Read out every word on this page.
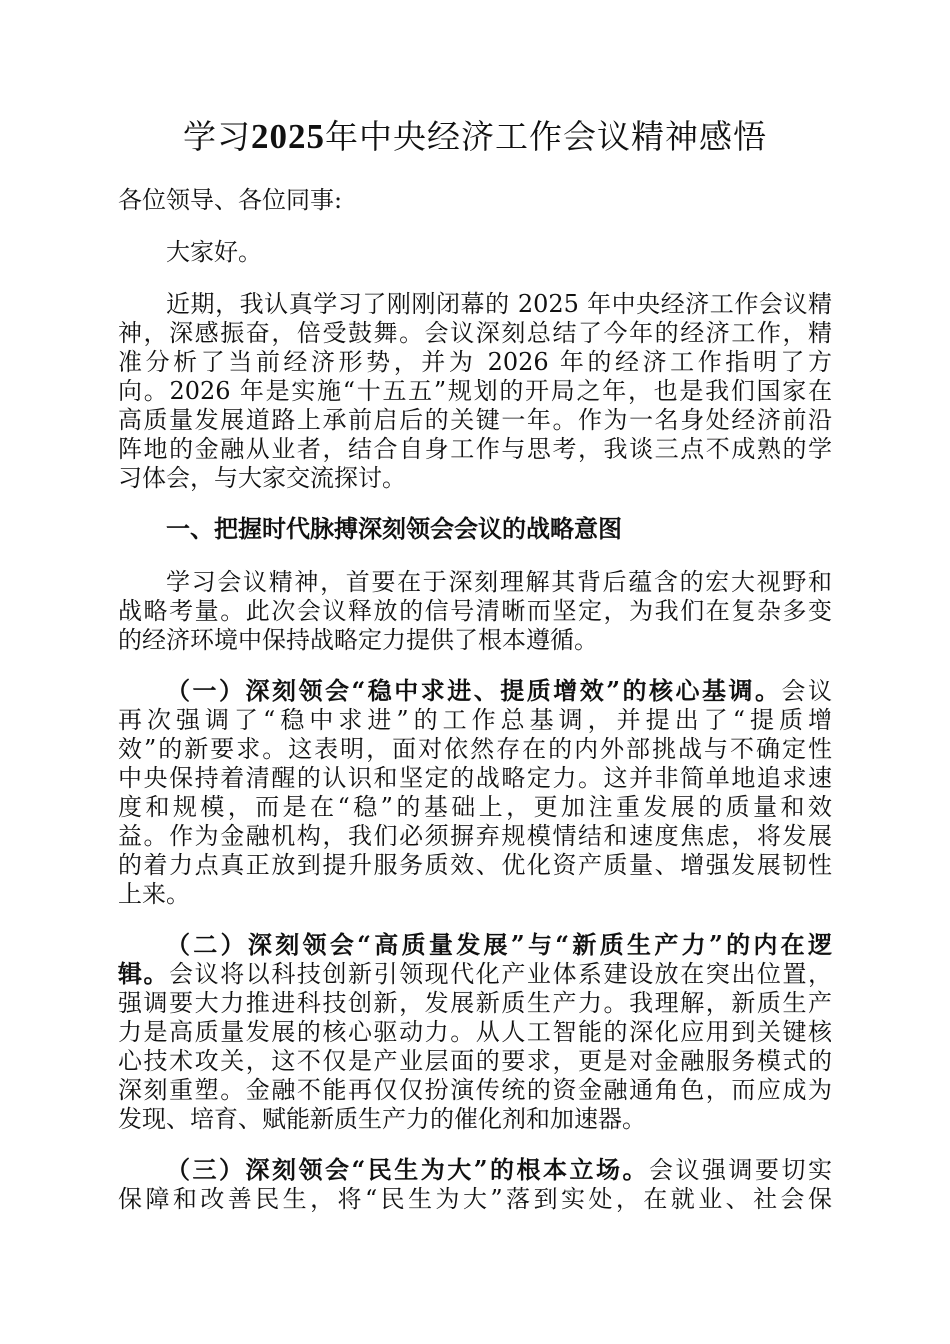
学习2025年中央经济工作会议精神感悟
各位领导、各位同事:
大家好。
近期，我认真学习了刚刚闭幕的 2025 年中央经济工作会议精
神，深感振奋，倍受鼓舞。会议深刻总结了今年的经济工作，精
准分析了当前经济形势，并为 2026 年的经济工作指明了方
向。2026 年是实施“十五五”规划的开局之年，也是我们国家在
高质量发展道路上承前启后的关键一年。作为一名身处经济前沿
阵地的金融从业者，结合自身工作与思考，我谈三点不成熟的学
习体会，与大家交流探讨。
一、把握时代脉搏深刻领会会议的战略意图
学习会议精神，首要在于深刻理解其背后蕴含的宏大视野和
战略考量。此次会议释放的信号清晰而坚定，为我们在复杂多变
的经济环境中保持战略定力提供了根本遵循。
（一）深刻领会“稳中求进、提质增效”的核心基调。会议
再次强调了“稳中求进”的工作总基调，并提出了“提质增
效”的新要求。这表明，面对依然存在的内外部挑战与不确定性
中央保持着清醒的认识和坚定的战略定力。这并非简单地追求速
度和规模，而是在“稳”的基础上，更加注重发展的质量和效
益。作为金融机构，我们必须摒弃规模情结和速度焦虑，将发展
的着力点真正放到提升服务质效、优化资产质量、增强发展韧性
上来。
（二）深刻领会“高质量发展”与“新质生产力”的内在逻
辑。会议将以科技创新引领现代化产业体系建设放在突出位置，
强调要大力推进科技创新，发展新质生产力。我理解，新质生产
力是高质量发展的核心驱动力。从人工智能的深化应用到关键核
心技术攻关，这不仅是产业层面的要求，更是对金融服务模式的
深刻重塑。金融不能再仅仅扮演传统的资金融通角色，而应成为
发现、培育、赋能新质生产力的催化剂和加速器。
（三）深刻领会“民生为大”的根本立场。会议强调要切实
保障和改善民生，将“民生为大”落到实处，在就业、社会保
